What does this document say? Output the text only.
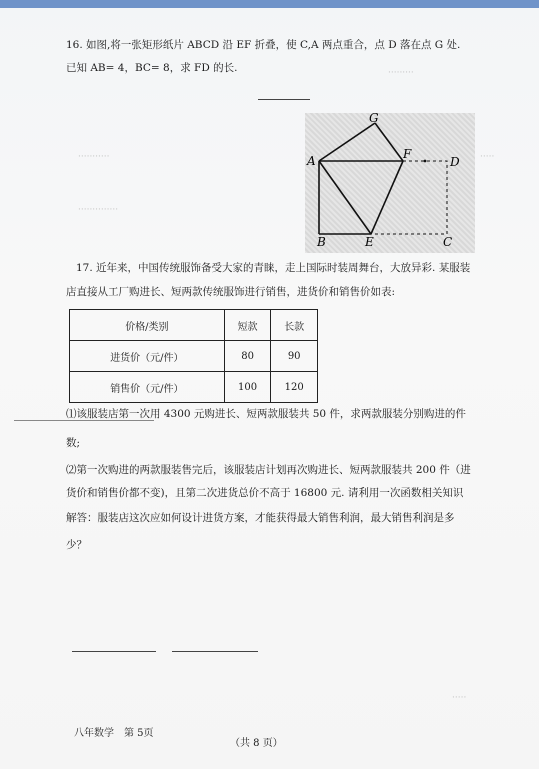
·········
···········	·····
··············
·····
16. 如图,将一张矩形纸片 ABCD 沿 EF 折叠，使 C,A 两点重合，点 D 落在点 G 处.
已知 AB= 4，BC= 8，求 FD 的长.
G
A	F
D
B	E	C
17. 近年来，中国传统服饰备受大家的青睐，走上国际时装周舞台，大放异彩. 某服装
店直接从工厂购进长、短两款传统服饰进行销售，进货价和销售价如表:
价格/类别	短款	长款
进货价（元/件）	80	90
销售价（元/件）	100	120
⑴该服装店第一次用 4300 元购进长、短两款服装共 50 件，求两款服装分别购进的件
数;
⑵第一次购进的两款服装售完后，该服装店计划再次购进长、短两款服装共 200 件（进
货价和销售价都不变)，且第二次进货总价不高于 16800 元. 请利用一次函数相关知识
解答：服装店这次应如何设计进货方案，才能获得最大销售利润，最大销售利润是多
少？
八年数学　第 5页
（共 8 页）
